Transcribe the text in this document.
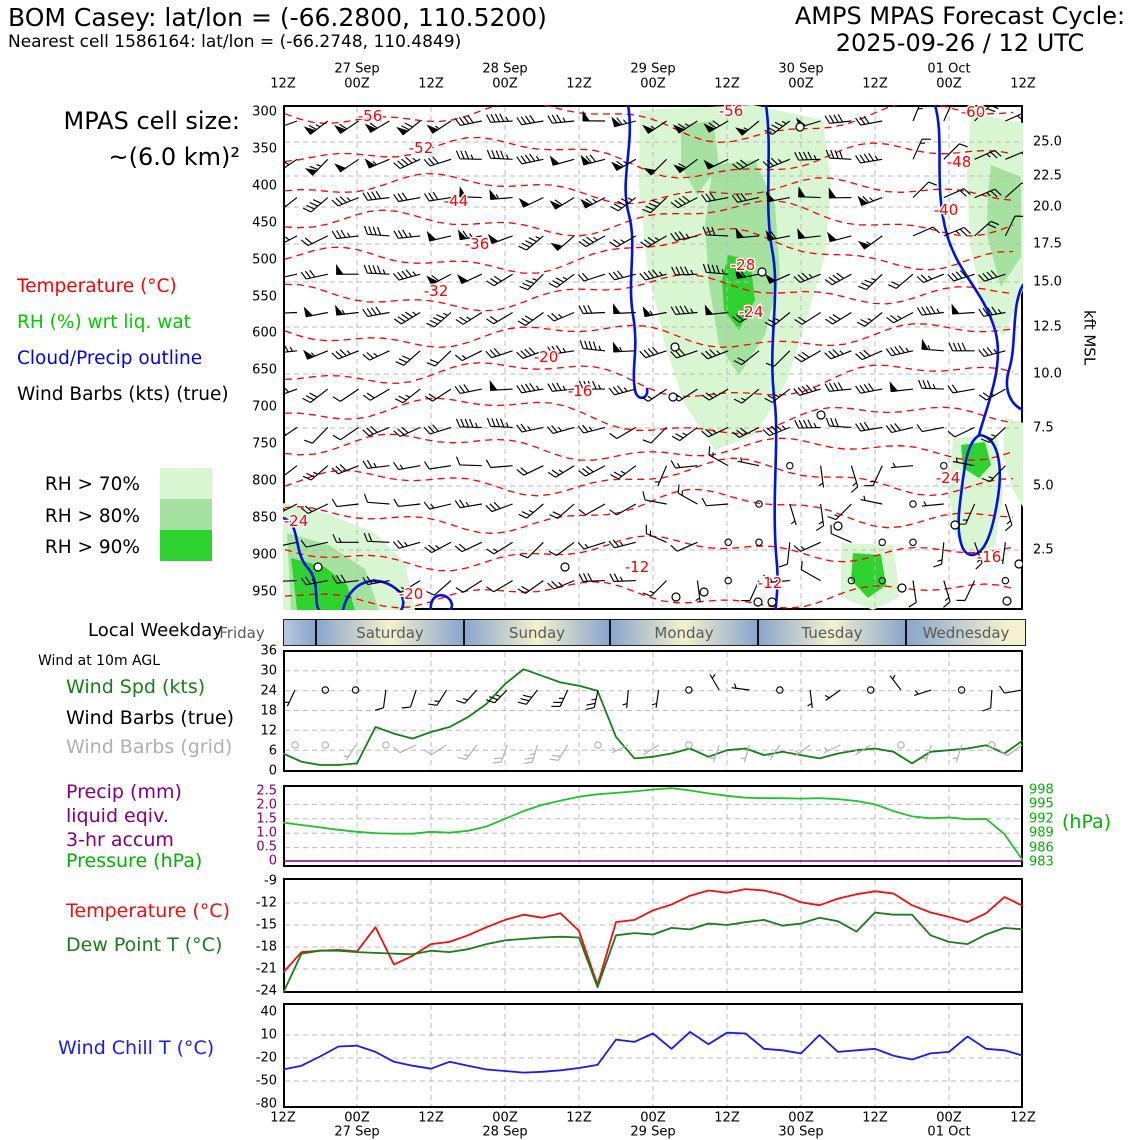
BOM Casey: lat/lon = (-66.2800, 110.5200)
Nearest cell 1586164: lat/lon = (-66.2748, 110.4849)
AMPS MPAS Forecast Cycle:
2025-09-26 / 12 UTC
MPAS cell size:
~(6.0 km)²
Temperature (°C)
RH (%) wrt liq. wat
Cloud/Precip outline
Wind Barbs (kts) (true)
RH > 70%
RH > 80%
RH > 90%
Local Weekday
Wind at 10m AGL
Wind Spd (kts)
Wind Barbs (true)
Wind Barbs (grid)
Precip (mm)
liquid eqiv.
3-hr accum
Pressure (hPa)
(hPa)
Temperature (°C)
Dew Point T (°C)
Wind Chill T (°C)
kft MSL
Friday	Saturday	Sunday	Monday	Tuesday	Wednesday
300
350
400
450
500
550
600
650
700
750
800
850
900
950
25.0
22.5
20.0
17.5
15.0
12.5
10.0
7.5
5.0
2.5
12Z
12Z
00Z
00Z
12Z
12Z
00Z
00Z
12Z
12Z
00Z
00Z
12Z
12Z
00Z
00Z
12Z
12Z
00Z
00Z
12Z
12Z
27 Sep
27 Sep
28 Sep
28 Sep
29 Sep
29 Sep
30 Sep
30 Sep
01 Oct
01 Oct
36
30
24
18
12
6
0
2.5
2.0
1.5
1.0
0.5
0
998
995
992
989
986
983
-9
-12
-15
-18
-21
-24
40
10
-20
-50
-80
-56
-52
-44
-36
-32
-56	-60
-48
-40
-28
-24
-20
-16
-24
-20
-12
-12
-16
-24
